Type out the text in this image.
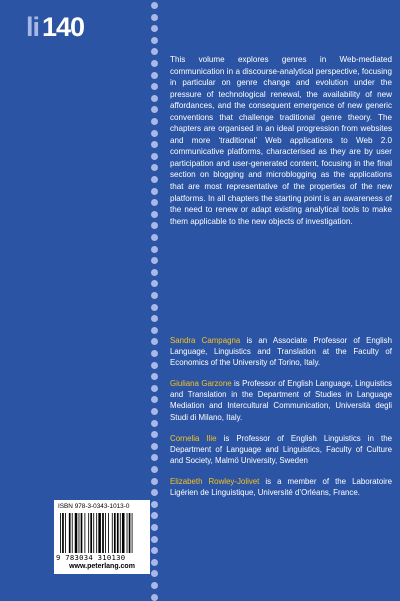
li 140

This volume explores genres in Web-mediated communication in a discourse-analytical perspective, focusing in particular on genre change and evolution under the pressure of technological renewal, the availability of new affordances, and the consequent emergence of new generic conventions that challenge traditional genre theory. The chapters are organised in an ideal progression from websites and more ‘traditional’ Web applications to Web 2.0 communicative platforms, characterised as they are by user participation and user-generated content, focusing in the final section on blogging and microblogging as the applications that are most representative of the properties of the new platforms. In all chapters the starting point is an awareness of the need to renew or adapt existing analytical tools to make them applicable to the new objects of investigation.

Sandra Campagna is an Associate Professor of English Language, Linguistics and Translation at the Faculty of Economics of the University of Torino, Italy.

Giuliana Garzone is Professor of English Language, Linguistics and Translation in the Department of Studies in Language Mediation and Intercultural Communication, Università degli Studi di Milano, Italy.

Cornelia Ilie is Professor of English Linguistics in the Department of Language and Linguistics, Faculty of Culture and Society, Malmö University, Sweden

Elizabeth Rowley-Jolivet is a member of the Laboratoire Ligérien de Linguistique, Université d’Orléans, France.

ISBN 978-3-0343-1013-0
9 783034 310130
www.peterlang.com
